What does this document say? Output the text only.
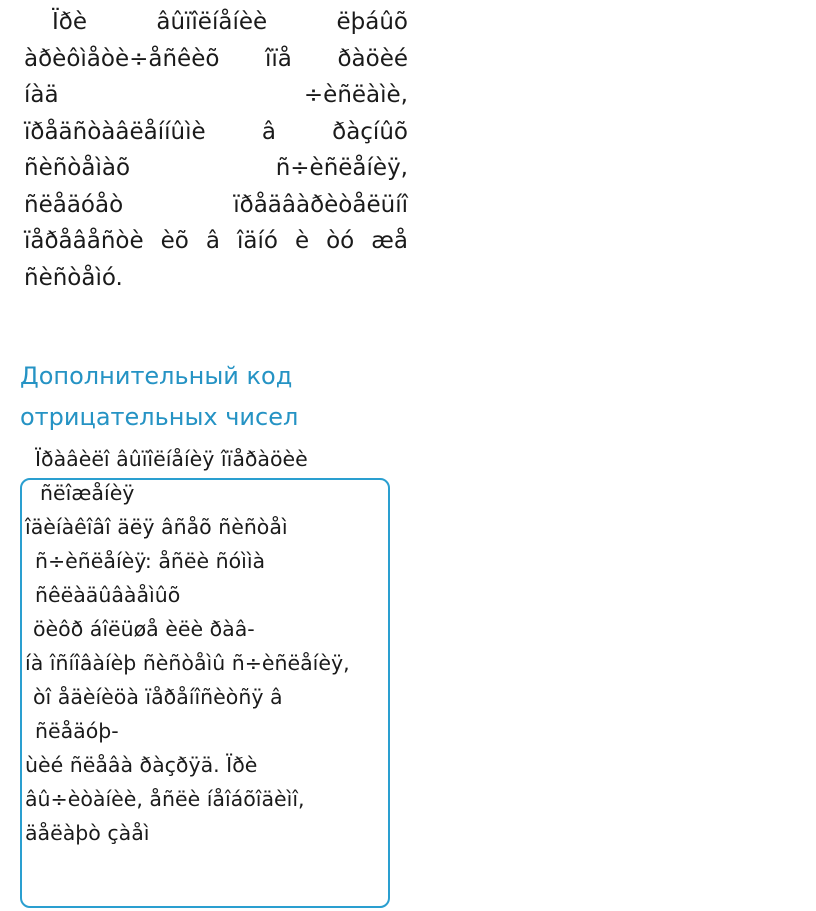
Ïðè	âûïîëíåíèè	ëþáûõ
àðèôìåòè÷åñêèõ îïå ðàöèé
íàä	÷èñëàìè,
ïðåäñòàâëåííûìè â ðàçíûõ
ñèñòåìàõ	ñ÷èñëåíèÿ,
ñëåäóåò	ïðåäâàðèòåëüíî
ïåðåâåñòè èõ â îäíó è òó æå
ñèñòåìó.
Дополнительный код
отрицательных чисел
Ïðàâèëî âûïîëíåíèÿ îïåðàöèè
ñëîæåíèÿ
îäèíàêîâî äëÿ âñåõ ñèñòåì
ñ÷èñëåíèÿ: åñëè ñóììà
ñêëàäûâàåìûõ
öèôð áîëüøå èëè ðàâ-
íà îñíîâàíèþ ñèñòåìû ñ÷èñëåíèÿ,
òî åäèíèöà ïåðåíîñèòñÿ â
ñëåäóþ-
ùèé ñëåâà ðàçðÿä. Ïðè
âû÷èòàíèè, åñëè íåîáõîäèìî,
äåëàþò çàåì
